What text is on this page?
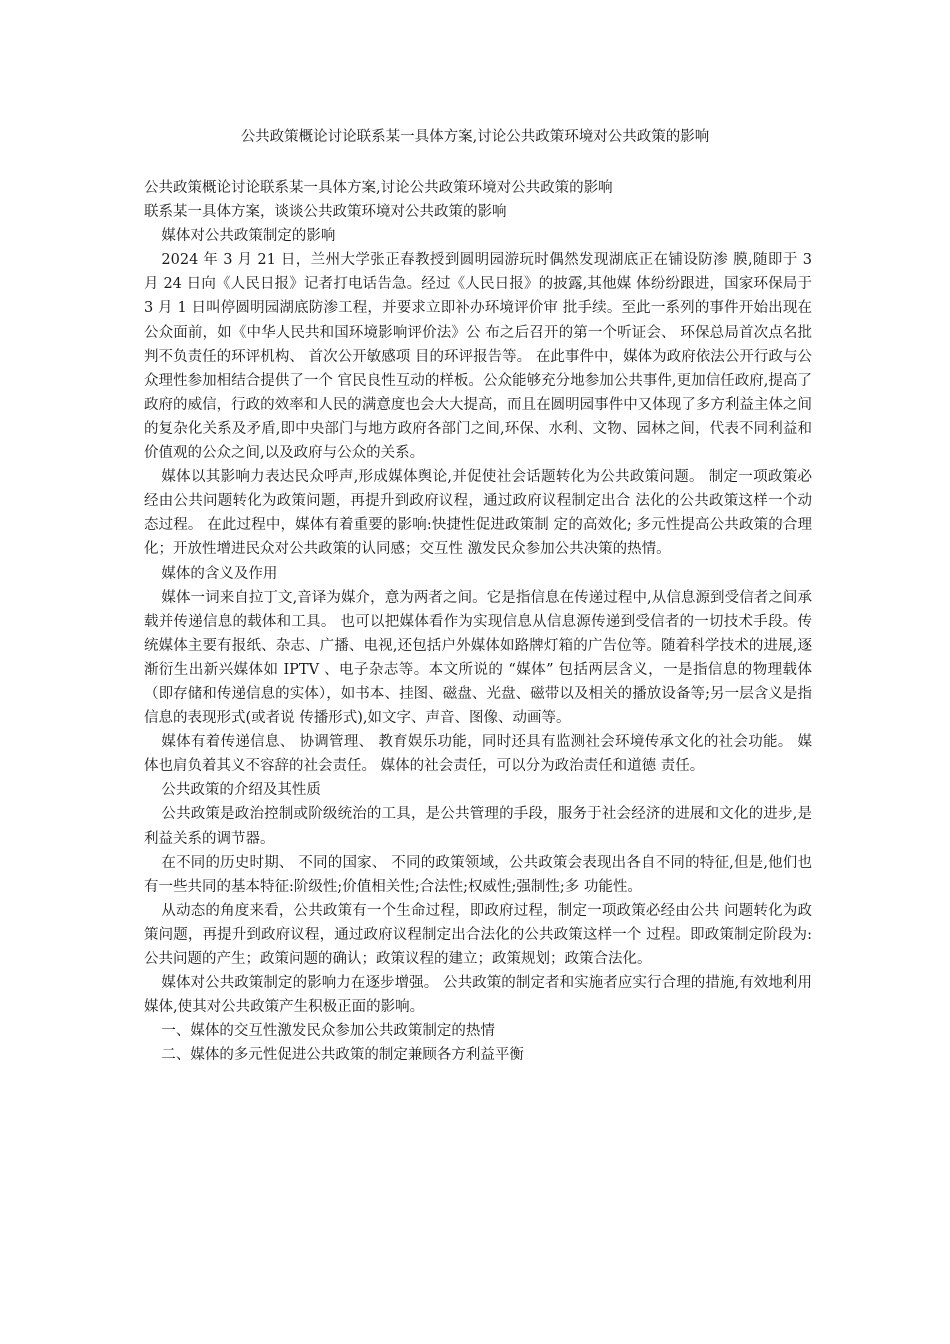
公共政策概论讨论联系某一具体方案,讨论公共政策环境对公共政策的影响

公共政策概论讨论联系某一具体方案,讨论公共政策环境对公共政策的影响

联系某一具体方案，谈谈公共政策环境对公共政策的影响

媒体对公共政策制定的影响

2024 年 3 月 21 日，兰州大学张正春教授到圆明园游玩时偶然发现湖底正在铺设防渗 膜,随即于 3 月 24 日向《人民日报》记者打电话告急。经过《人民日报》的披露,其他媒 体纷纷跟进，国家环保局于 3 月 1 日叫停圆明园湖底防渗工程，并要求立即补办环境评价审 批手续。至此一系列的事件开始出现在公众面前，如《中华人民共和国环境影响评价法》公 布之后召开的第一个听证会、 环保总局首次点名批判不负责任的环评机构、 首次公开敏感项 目的环评报告等。 在此事件中，媒体为政府依法公开行政与公众理性参加相结合提供了一个 官民良性互动的样板。公众能够充分地参加公共事件,更加信任政府,提高了政府的威信，行政的效率和人民的满意度也会大大提高，而且在圆明园事件中又体现了多方利益主体之间 的复杂化关系及矛盾,即中央部门与地方政府各部门之间,环保、水利、文物、园林之间，代表不同利益和价值观的公众之间,以及政府与公众的关系。

媒体以其影响力表达民众呼声,形成媒体舆论,并促使社会话题转化为公共政策问题。 制定一项政策必经由公共问题转化为政策问题，再提升到政府议程，通过政府议程制定出合 法化的公共政策这样一个动态过程。 在此过程中，媒体有着重要的影响:快捷性促进政策制 定的高效化; 多元性提高公共政策的合理化；开放性增进民众对公共政策的认同感；交互性 激发民众参加公共决策的热情。

媒体的含义及作用

媒体一词来自拉丁文,音译为媒介，意为两者之间。它是指信息在传递过程中,从信息源到受信者之间承载并传递信息的载体和工具。 也可以把媒体看作为实现信息从信息源传递到受信者的一切技术手段。传统媒体主要有报纸、杂志、广播、电视,还包括户外媒体如路牌灯箱的广告位等。随着科学技术的进展,逐渐衍生出新兴媒体如 IPTV 、电子杂志等。本文所说的 “媒体” 包括两层含义，一是指信息的物理载体（即存储和传递信息的实体），如书本、挂图、磁盘、光盘、磁带以及相关的播放设备等;另一层含义是指信息的表现形式(或者说 传播形式),如文字、声音、图像、动画等。

媒体有着传递信息、 协调管理、 教育娱乐功能，同时还具有监测社会环境传承文化的社会功能。 媒体也肩负着其义不容辞的社会责任。 媒体的社会责任，可以分为政治责任和道德 责任。

公共政策的介绍及其性质

公共政策是政治控制或阶级统治的工具，是公共管理的手段，服务于社会经济的进展和文化的进步,是利益关系的调节器。

在不同的历史时期、 不同的国家、 不同的政策领域，公共政策会表现出各自不同的特征,但是,他们也有一些共同的基本特征:阶级性;价值相关性;合法性;权威性;强制性;多 功能性。

从动态的角度来看，公共政策有一个生命过程，即政府过程，制定一项政策必经由公共 问题转化为政策问题，再提升到政府议程，通过政府议程制定出合法化的公共政策这样一个 过程。即政策制定阶段为:公共问题的产生；政策问题的确认；政策议程的建立；政策规划；政策合法化。

媒体对公共政策制定的影响力在逐步增强。 公共政策的制定者和实施者应实行合理的措施,有效地利用媒体,使其对公共政策产生积极正面的影响。

一、媒体的交互性激发民众参加公共政策制定的热情

二、媒体的多元性促进公共政策的制定兼顾各方利益平衡
